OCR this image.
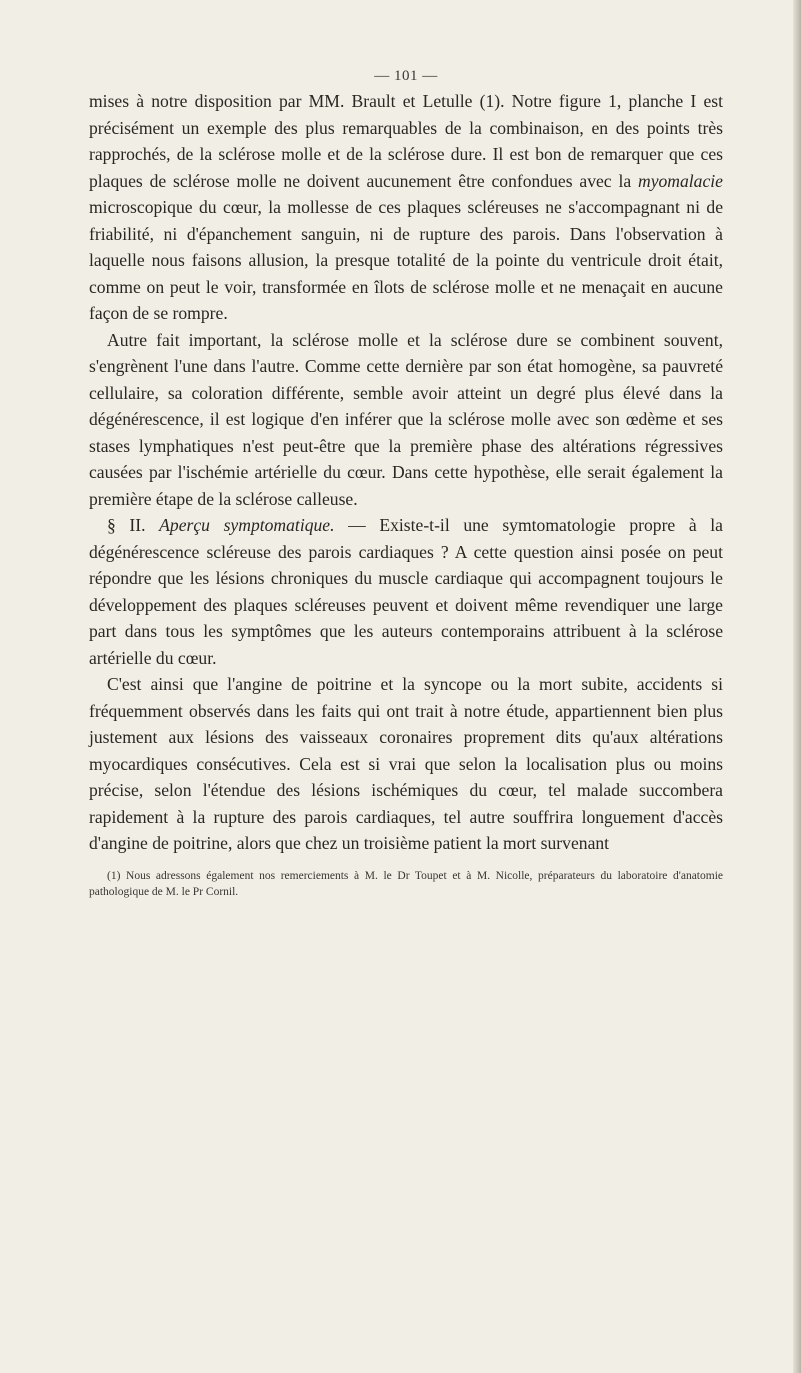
— 101 —

mises à notre disposition par MM. Brault et Letulle (1). Notre figure 1, planche I est précisément un exemple des plus remarquables de la combinaison, en des points très rapprochés, de la sclérose molle et de la sclérose dure. Il est bon de remarquer que ces plaques de sclérose molle ne doivent aucunement être confondues avec la myomalacie microscopique du cœur, la mollesse de ces plaques scléreuses ne s'accompagnant ni de friabilité, ni d'épanchement sanguin, ni de rupture des parois. Dans l'observation à laquelle nous faisons allusion, la presque totalité de la pointe du ventricule droit était, comme on peut le voir, transformée en îlots de sclérose molle et ne menaçait en aucune façon de se rompre.

Autre fait important, la sclérose molle et la sclérose dure se combinent souvent, s'engrènent l'une dans l'autre. Comme cette dernière par son état homogène, sa pauvreté cellulaire, sa coloration différente, semble avoir atteint un degré plus élevé dans la dégénérescence, il est logique d'en inférer que la sclérose molle avec son œdème et ses stases lymphatiques n'est peut-être que la première phase des altérations régressives causées par l'ischémie artérielle du cœur. Dans cette hypothèse, elle serait également la première étape de la sclérose calleuse.

§ II. Aperçu symptomatique. — Existe-t-il une symtomatologie propre à la dégénérescence scléreuse des parois cardiaques ? A cette question ainsi posée on peut répondre que les lésions chroniques du muscle cardiaque qui accompagnent toujours le développement des plaques scléreuses peuvent et doivent même revendiquer une large part dans tous les symptômes que les auteurs contemporains attribuent à la sclérose artérielle du cœur.

C'est ainsi que l'angine de poitrine et la syncope ou la mort subite, accidents si fréquemment observés dans les faits qui ont trait à notre étude, appartiennent bien plus justement aux lésions des vaisseaux coronaires proprement dits qu'aux altérations myocardiques consécutives. Cela est si vrai que selon la localisation plus ou moins précise, selon l'étendue des lésions ischémiques du cœur, tel malade succombera rapidement à la rupture des parois cardiaques, tel autre souffrira longuement d'accès d'angine de poitrine, alors que chez un troisième patient la mort survenant

(1) Nous adressons également nos remerciements à M. le Dr Toupet et à M. Nicolle, préparateurs du laboratoire d'anatomie pathologique de M. le Pr Cornil.
